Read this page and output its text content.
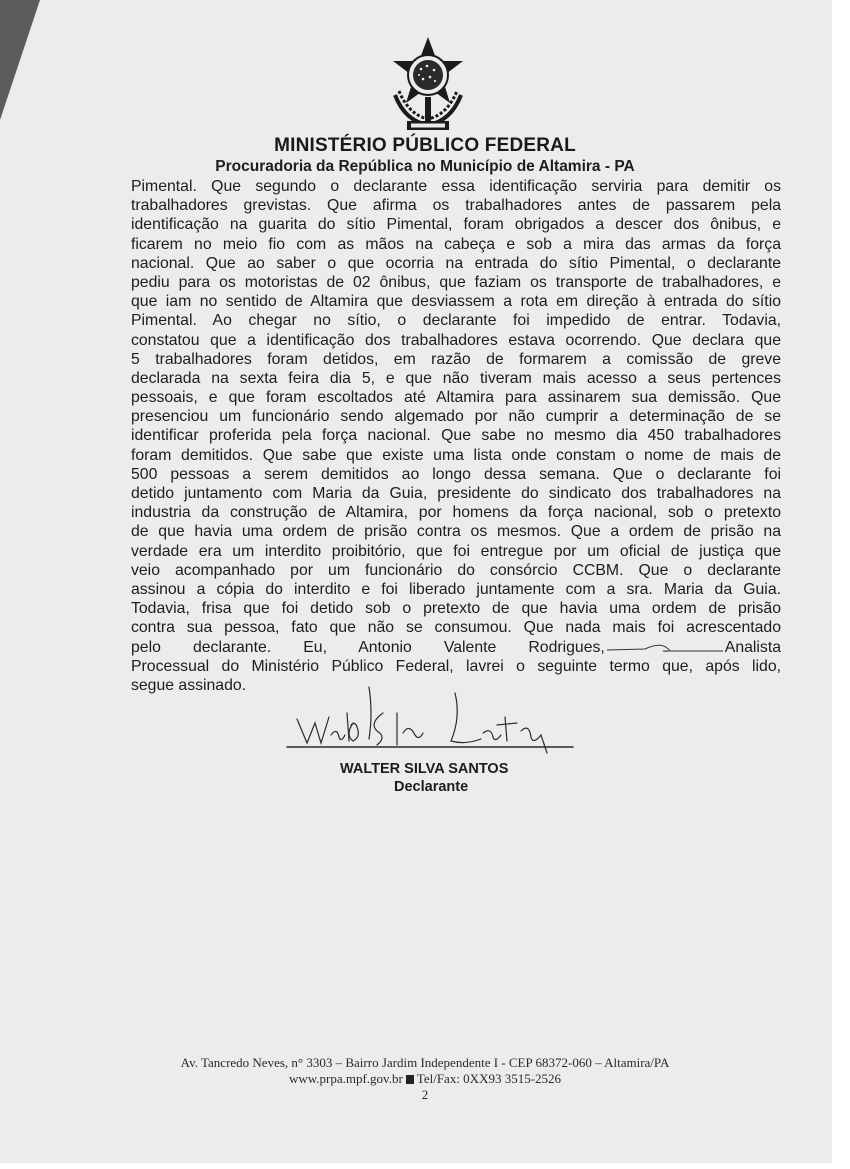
MINISTÉRIO PÚBLICO FEDERAL
Procuradoria da República no Município de Altamira - PA
Pimental. Que segundo o declarante essa identificação serviria para demitir os
trabalhadores grevistas. Que afirma os trabalhadores antes de passarem pela
identificação na guarita do sítio Pimental, foram obrigados a descer dos ônibus, e
ficarem no meio fio com as mãos na cabeça e sob a mira das armas da força
nacional. Que ao saber o que ocorria na entrada do sítio Pimental, o declarante
pediu para os motoristas de 02 ônibus, que faziam os transporte de trabalhadores, e
que iam no sentido de Altamira que desviassem a rota em direção à entrada do sítio
Pimental. Ao chegar no sítio, o declarante foi impedido de entrar. Todavia,
constatou que a identificação dos trabalhadores estava ocorrendo. Que declara que
5 trabalhadores foram detidos, em razão de formarem a comissão de greve
declarada na sexta feira dia 5, e que não tiveram mais acesso a seus pertences
pessoais, e que foram escoltados até Altamira para assinarem sua demissão. Que
presenciou um funcionário sendo algemado por não cumprir a determinação de se
identificar proferida pela força nacional. Que sabe no mesmo dia 450 trabalhadores
foram demitidos. Que sabe que existe uma lista onde constam o nome de mais de
500 pessoas a serem demitidos ao longo dessa semana. Que o declarante foi
detido juntamento com Maria da Guia, presidente do sindicato dos trabalhadores na
industria da construção de Altamira, por homens da força nacional, sob o pretexto
de que havia uma ordem de prisão contra os mesmos. Que a ordem de prisão na
verdade era um interdito proibitório, que foi entregue por um oficial de justiça que
veio acompanhado por um funcionário do consórcio CCBM. Que o declarante
assinou a cópia do interdito e foi liberado juntamente com a sra. Maria da Guia.
Todavia, frisa que foi detido sob o pretexto de que havia uma ordem de prisão
contra sua pessoa, fato que não se consumou. Que nada mais foi acrescentado
pelo declarante. Eu, Antonio Valente Rodrigues,	Analista
Processual do Ministério Público Federal, lavrei o seguinte termo que, após lido,
segue assinado.
WALTER SILVA SANTOS
Declarante
Av. Tancredo Neves, n° 3303 – Bairro Jardim Independente I - CEP 68372-060 – Altamira/PA
www.prpa.mpf.gov.br Tel/Fax: 0XX93 3515-2526
2
